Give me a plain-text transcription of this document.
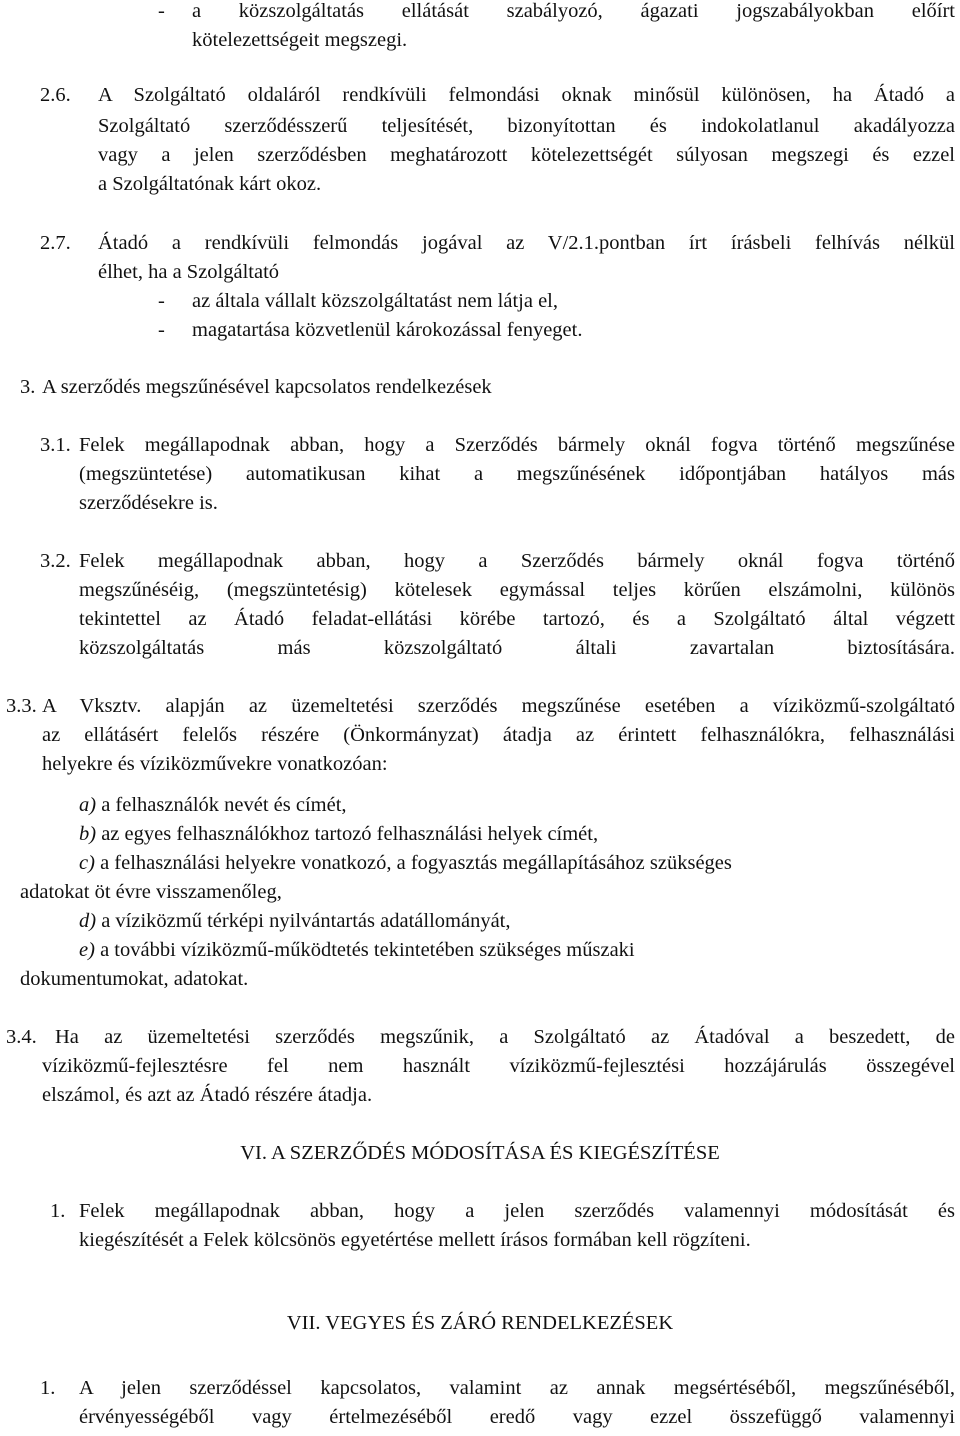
- a közszolgáltatás ellátását szabályozó, ágazati jogszabályokban előírt
kötelezettségeit megszegi.
2.6. A Szolgáltató oldaláról rendkívüli felmondási oknak minősül különösen, ha Átadó a
Szolgáltató szerződésszerű teljesítését, bizonyítottan és indokolatlanul akadályozza
vagy a jelen szerződésben meghatározott kötelezettségét súlyosan megszegi és ezzel
a Szolgáltatónak kárt okoz.
2.7. Átadó a rendkívüli felmondás jogával az V/2.1.pontban írt írásbeli felhívás nélkül
élhet, ha a Szolgáltató
- az általa vállalt közszolgáltatást nem látja el,
- magatartása közvetlenül károkozással fenyeget.
3. A szerződés megszűnésével kapcsolatos rendelkezések
3.1. Felek megállapodnak abban, hogy a Szerződés bármely oknál fogva történő megszűnése
(megszüntetése) automatikusan kihat a megszűnésének időpontjában hatályos más
szerződésekre is.
3.2. Felek megállapodnak abban, hogy a Szerződés bármely oknál fogva történő
megszűnéséig, (megszüntetésig) kötelesek egymással teljes körűen elszámolni, különös
tekintettel az Átadó feladat-ellátási körébe tartozó, és a Szolgáltató által végzett
közszolgáltatás más közszolgáltató általi zavartalan biztosítására.
3.3. A Vksztv. alapján az üzemeltetési szerződés megszűnése esetében a víziközmű-szolgáltató
az ellátásért felelős részére (Önkormányzat) átadja az érintett felhasználókra, felhasználási
helyekre és víziközművekre vonatkozóan:
a) a felhasználók nevét és címét,
b) az egyes felhasználókhoz tartozó felhasználási helyek címét,
c) a felhasználási helyekre vonatkozó, a fogyasztás megállapításához szükséges
adatokat öt évre visszamenőleg,
d) a víziközmű térképi nyilvántartás adatállományát,
e) a további víziközmű-működtetés tekintetében szükséges műszaki
dokumentumokat, adatokat.
3.4. Ha az üzemeltetési szerződés megszűnik, a Szolgáltató az Átadóval a beszedett, de
víziközmű-fejlesztésre fel nem használt víziközmű-fejlesztési hozzájárulás összegével
elszámol, és azt az Átadó részére átadja.
VI. A SZERZŐDÉS MÓDOSÍTÁSA ÉS KIEGÉSZÍTÉSE
1. Felek megállapodnak abban, hogy a jelen szerződés valamennyi módosítását és
kiegészítését a Felek kölcsönös egyetértése mellett írásos formában kell rögzíteni.
VII. VEGYES ÉS ZÁRÓ RENDELKEZÉSEK
1. A jelen szerződéssel kapcsolatos, valamint az annak megsértéséből, megszűnéséből,
érvényességéből vagy értelmezéséből eredő vagy ezzel összefüggő valamennyi
